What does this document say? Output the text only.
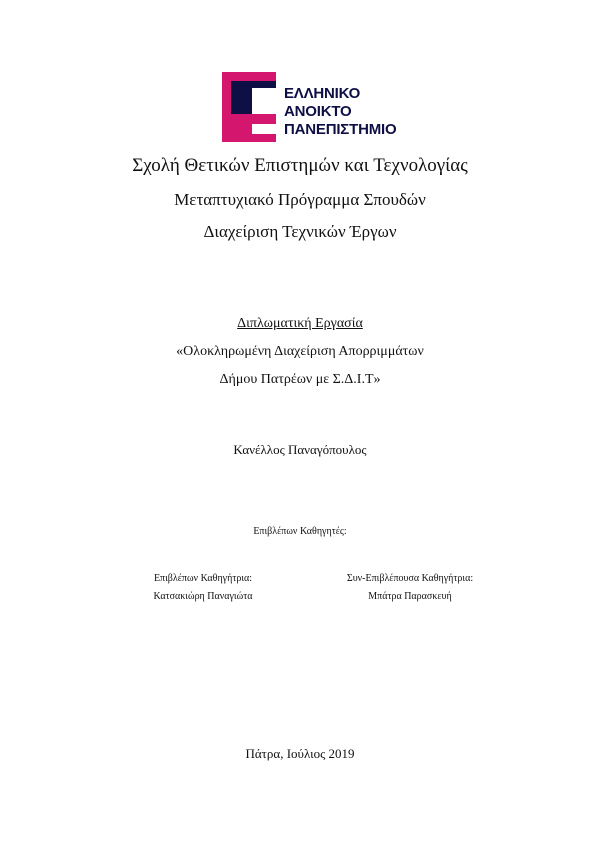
ΕΛΛΗΝΙΚΟ
ΑΝΟΙΚΤΟ
ΠΑΝΕΠΙΣΤΗΜΙΟ
Σχολή Θετικών Επιστημών και Τεχνολογίας
Μεταπτυχιακό Πρόγραμμα Σπουδών
Διαχείριση Τεχνικών Έργων
Διπλωματική Εργασία
«Ολοκληρωμένη Διαχείριση Απορριμμάτων
Δήμου Πατρέων με Σ.Δ.Ι.Τ»
Κανέλλος Παναγόπουλος
Επιβλέπων Καθηγητές:
Επιβλέπων Καθηγήτρια:
Κατσακιώρη Παναγιώτα
Συν-Επιβλέπουσα Καθηγήτρια:
Μπάτρα Παρασκευή
Πάτρα, Ιούλιος 2019
